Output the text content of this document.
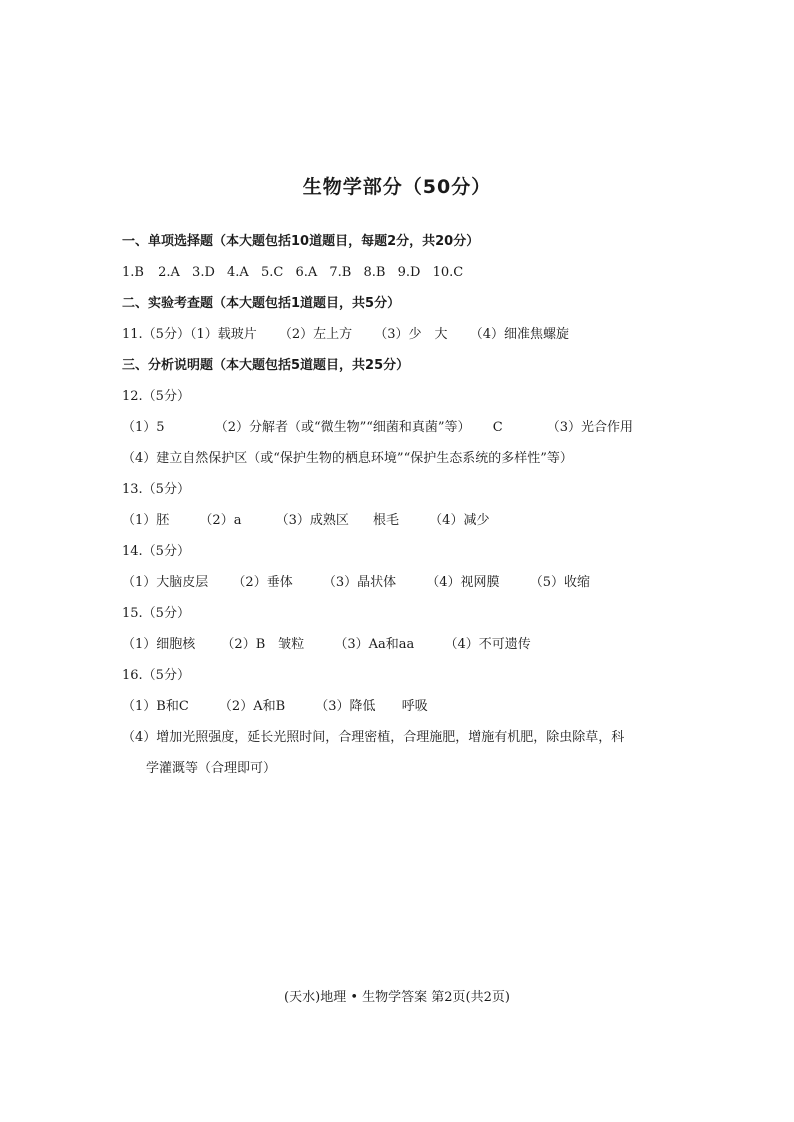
生物学部分（50分）
一、单项选择题（本大题包括10道题目，每题2分，共20分）
1.B 2.A 3.D 4.A 5.C 6.A 7.B 8.B 9.D 10.C
二、实验考查题（本大题包括1道题目，共5分）
11.（5分）（1）载玻片 （2）左上方 （3）少　大 （4）细准焦螺旋
三、分析说明题（本大题包括5道题目，共25分）
12.（5分）
（1）5	（2）分解者（或“微生物”“细菌和真菌”等） C	（3）光合作用
（4）建立自然保护区（或“保护生物的栖息环境”“保护生态系统的多样性”等）
13.（5分）
（1）胚 （2）a	（3）成熟区 根毛 （4）减少
14.（5分）
（1）大脑皮层 （2）垂体 （3）晶状体 （4）视网膜 （5）收缩
15.（5分）
（1）细胞核 （2）B　皱粒 （3）Aa和aa （4）不可遗传
16.（5分）
（1）B和C （2）A和B （3）降低 呼吸
（4）增加光照强度，延长光照时间，合理密植，合理施肥，增施有机肥，除虫除草，科
学灌溉等（合理即可）
(天水)地理 • 生物学答案 第2页(共2页)
